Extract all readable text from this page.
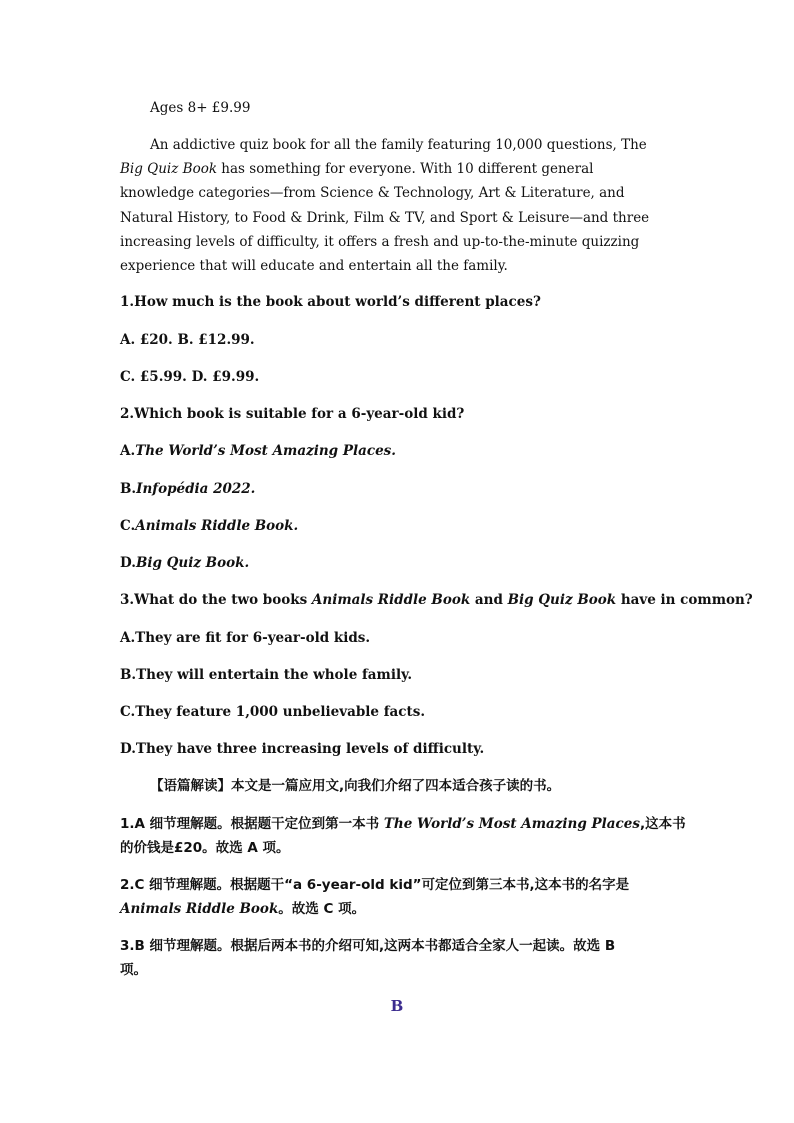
Ages 8+ £9.99
An addictive quiz book for all the family featuring 10,000 questions, The Big Quiz Book has something for everyone. With 10 different general knowledge categories—from Science & Technology, Art & Literature, and Natural History, to Food & Drink, Film & TV, and Sport & Leisure—and three increasing levels of difficulty, it offers a fresh and up-to-the-minute quizzing experience that will educate and entertain all the family.
1.How much is the book about world’s different places?
A. £20. B. £12.99.
C. £5.99. D. £9.99.
2.Which book is suitable for a 6-year-old kid?
A.The World’s Most Amazing Places.
B.Infopédia 2022.
C.Animals Riddle Book.
D.Big Quiz Book.
3.What do the two books Animals Riddle Book and Big Quiz Book have in common?
A.They are fit for 6-year-old kids.
B.They will entertain the whole family.
C.They feature 1,000 unbelievable facts.
D.They have three increasing levels of difficulty.
【语篇解读】本文是一篇应用文,向我们介绍了四本适合孩子读的书。
1.A 细节理解题。根据题干定位到第一本书 The World’s Most Amazing Places,这本书
的价钱是£20。故选 A 项。
2.C 细节理解题。根据题干“a 6-year-old kid”可定位到第三本书,这本书的名字是
Animals Riddle Book。故选 C 项。
3.B 细节理解题。根据后两本书的介绍可知,这两本书都适合全家人一起读。故选 B
项。
B
